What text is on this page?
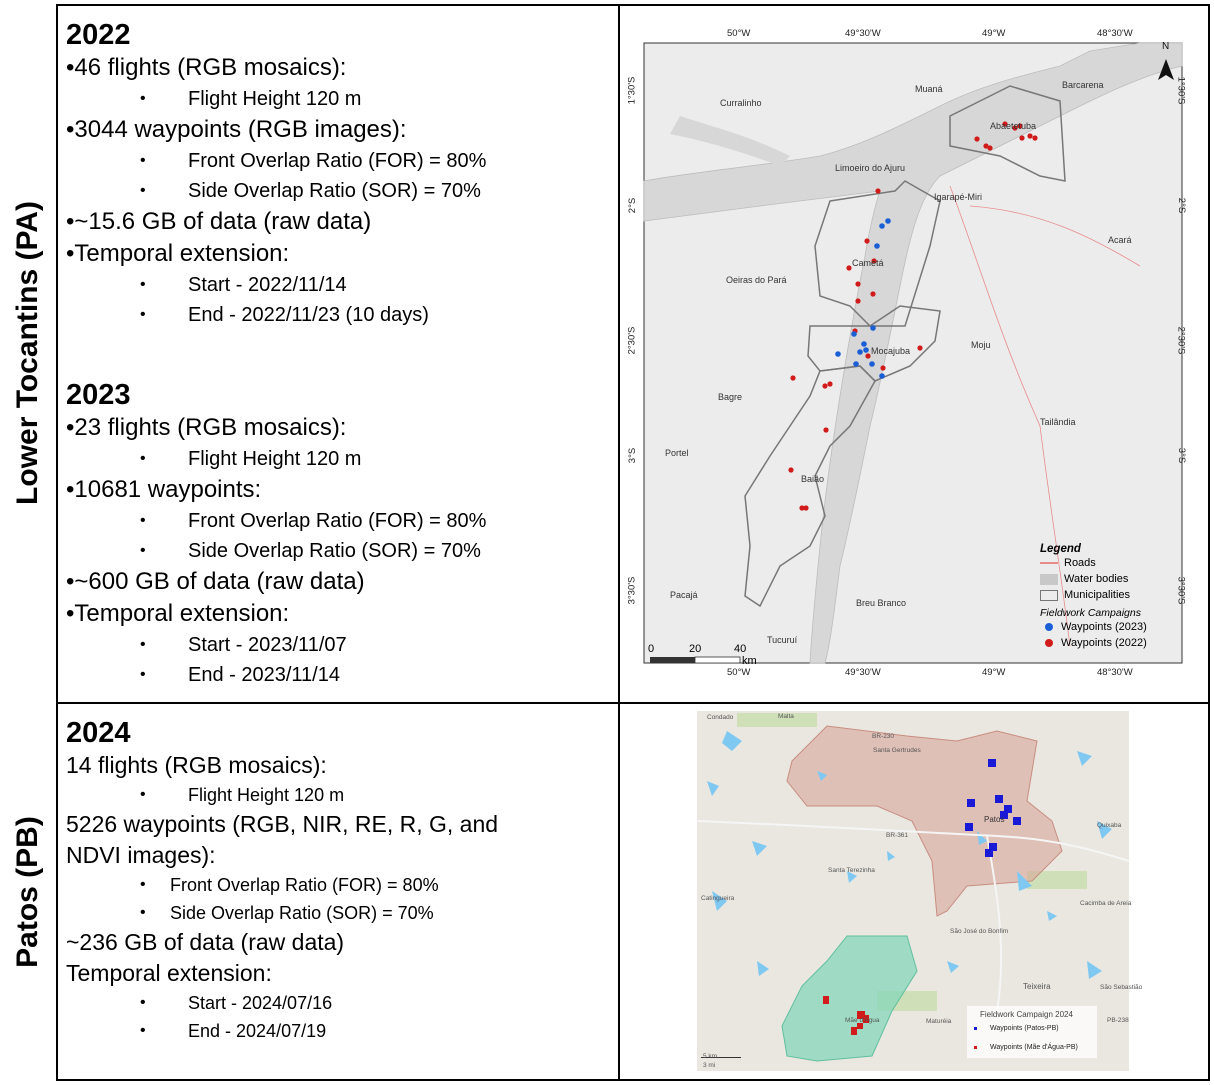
Lower Tocantins (PA)
Patos (PB)
2022
•46 flights (RGB mosaics):
• Flight Height 120 m
•3044 waypoints (RGB images):
• Front Overlap Ratio (FOR) = 80%
• Side Overlap Ratio (SOR) = 70%
•~15.6 GB of data (raw data)
•Temporal extension:
• Start - 2022/11/14
• End - 2022/11/23 (10 days)
2023
•23 flights (RGB mosaics):
• Flight Height 120 m
•10681 waypoints:
• Front Overlap Ratio (FOR) = 80%
• Side Overlap Ratio (SOR) = 70%
•~600 GB of data (raw data)
•Temporal extension:
• Start - 2023/11/07
• End - 2023/11/14
2024
14 flights (RGB mosaics):
• Flight Height 120 m
5226 waypoints (RGB, NIR, RE, R, G, and
NDVI images):
• Front Overlap Ratio (FOR) = 80%
• Side Overlap Ratio (SOR) = 70%
~236 GB of data (raw data)
Temporal extension:
• Start - 2024/07/16
• End - 2024/07/19
50°W	49°30'W	49°W	48°30'W
50°W	49°30'W	49°W	48°30'W
1°30'S
2°S
2°30'S
3°S
3°30'S
1°30'S
2°S
2°30'S
3°S
3°30'S
Muaná	Barcarena
Curralinho
Abaetetuba
Limoeiro do Ajuru
Igarapé-Miri
Acará
Cametá
Oeiras do Pará
Mocajuba
Moju
Bagre
Tailândia
Portel
Baião
Pacajá
Breu Branco
Tucuruí
N
Legend
Roads
Water bodies
Municipalities
Fieldwork Campaigns
Waypoints (2023)
Waypoints (2022)
0	20	40
km
Condado	Malta
Santa Gertrudes
BR-230
Patos
Quixaba
Santa Terezinha
Catingueira
São José do Bonfim
Cacimba de Areia
Teixeira	São Sebastião
Mãe d'Água	Maturéia
BR-361
PB-238
Fieldwork Campaign 2024
Waypoints (Patos-PB)
Waypoints (Mãe d'Água-PB)
5 km
3 mi
